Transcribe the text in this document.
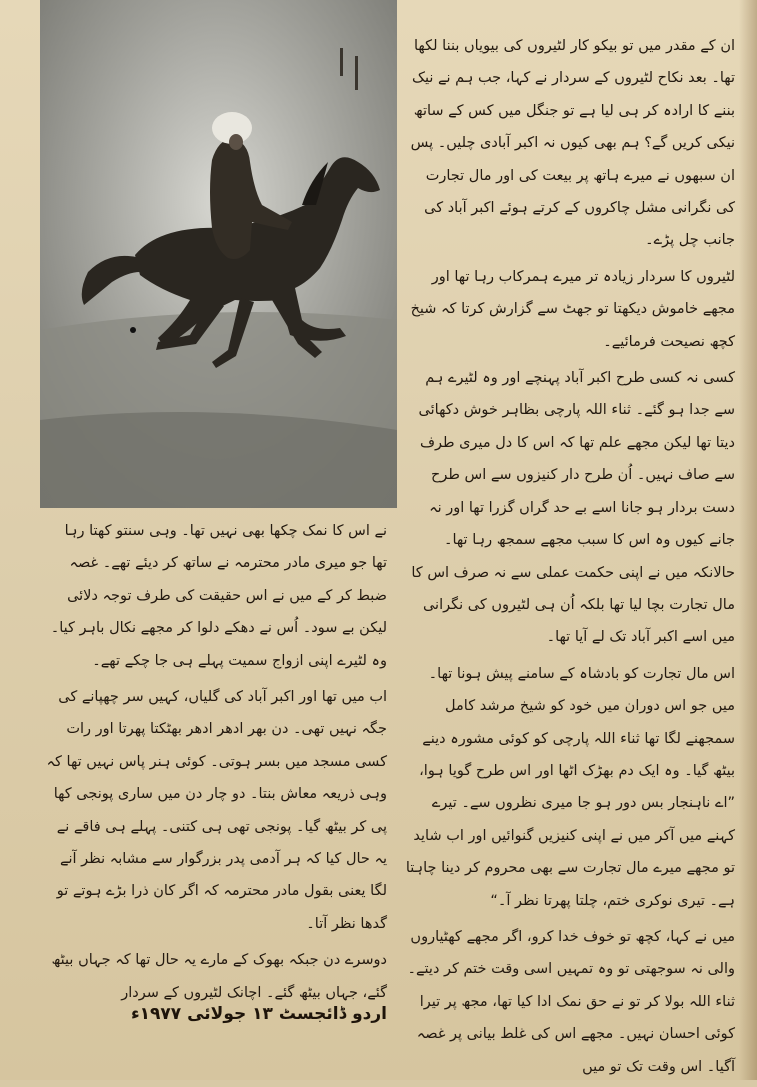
ان کے مقدر میں تو بیکو کار لٹیروں کی بیویاں بننا لکھا تھا۔ بعد نکاح لٹیروں کے سردار نے کہا، جب ہم نے نیک بننے کا ارادہ کر ہی لیا ہے تو جنگل میں کس کے ساتھ نیکی کریں گے؟ ہم بھی کیوں نہ اکبر آبادی چلیں۔ پس ان سبھوں نے میرے ہاتھ پر بیعت کی اور مال تجارت کی نگرانی مشل چاکروں کے کرتے ہوئے اکبر آباد کی جانب چل پڑے۔

لٹیروں کا سردار زیادہ تر میرے ہمرکاب رہا تھا اور مجھے خاموش دیکھتا تو جھٹ سے گزارش کرتا کہ شیخ کچھ نصیحت فرمائیے۔

کسی نہ کسی طرح اکبر آباد پہنچے اور وہ لٹیرے ہم سے جدا ہو گئے۔ ثناء اللہ پارچی بظاہر خوش دکھائی دیتا تھا لیکن مجھے علم تھا کہ اس کا دل میری طرف سے صاف نہیں۔ اُن طرح دار کنیزوں سے اس طرح دست بردار ہو جانا اسے بے حد گراں گزرا تھا اور نہ جانے کیوں وہ اس کا سبب مجھے سمجھ رہا تھا۔ حالانکہ میں نے اپنی حکمت عملی سے نہ صرف اس کا مال تجارت بچا لیا تھا بلکہ اُن ہی لٹیروں کی نگرانی میں اسے اکبر آباد تک لے آیا تھا۔

اس مال تجارت کو بادشاہ کے سامنے پیش ہونا تھا۔ میں جو اس دوران میں خود کو شیخ مرشد کامل سمجھنے لگا تھا ثناء اللہ پارچی کو کوئی مشورہ دینے بیٹھ گیا۔ وہ ایک دم بھڑک اٹھا اور اس طرح گویا ہوا، ”اے ناہنجار بس دور ہو جا میری نظروں سے۔ تیرے کہنے میں آکر میں نے اپنی کنیزیں گنوائیں اور اب شاید تو مجھے میرے مال تجارت سے بھی محروم کر دینا چاہتا ہے۔ تیری نوکری ختم، چلتا پھرتا نظر آ۔“

میں نے کہا، کچھ تو خوف خدا کرو، اگر مجھے کھٹیاروں والی نہ سوجھتی تو وہ تمہیں اسی وقت ختم کر دیتے۔ ثناء اللہ بولا کر تو نے حق نمک ادا کیا تھا، مجھ پر تیرا کوئی احسان نہیں۔ مجھے اس کی غلط بیانی پر غصہ آگیا۔ اس وقت تک تو میں

نے اس کا نمک چکھا بھی نہیں تھا۔ وہی سنتو کھتا رہا تھا جو میری مادر محترمہ نے ساتھ کر دیئے تھے۔ غصہ ضبط کر کے میں نے اس حقیقت کی طرف توجہ دلائی لیکن بے سود۔ اُس نے دھکے دلوا کر مجھے نکال باہر کیا۔ وہ لٹیرے اپنی ازواج سمیت پہلے ہی جا چکے تھے۔

اب میں تھا اور اکبر آباد کی گلیاں، کہیں سر چھپانے کی جگہ نہیں تھی۔ دن بھر ادھر ادھر بھٹکتا پھرتا اور رات کسی مسجد میں بسر ہوتی۔ کوئی ہنر پاس نہیں تھا کہ وہی ذریعہ معاش بنتا۔ دو چار دن میں ساری پونجی کھا پی کر بیٹھ گیا۔ پونجی تھی ہی کتنی۔ پہلے ہی فاقے نے یہ حال کیا کہ ہر آدمی پدر بزرگوار سے مشابہ نظر آنے لگا یعنی بقول مادر محترمہ کہ اگر کان ذرا بڑے ہوتے تو گدھا نظر آتا۔

دوسرے دن جبکہ بھوک کے مارے یہ حال تھا کہ جہاں بیٹھ گئے، جہاں بیٹھ گئے۔ اچانک لٹیروں کے سردار

اردو ڈائجسٹ ۱۳ جولائی ۱۹۷۷ء
